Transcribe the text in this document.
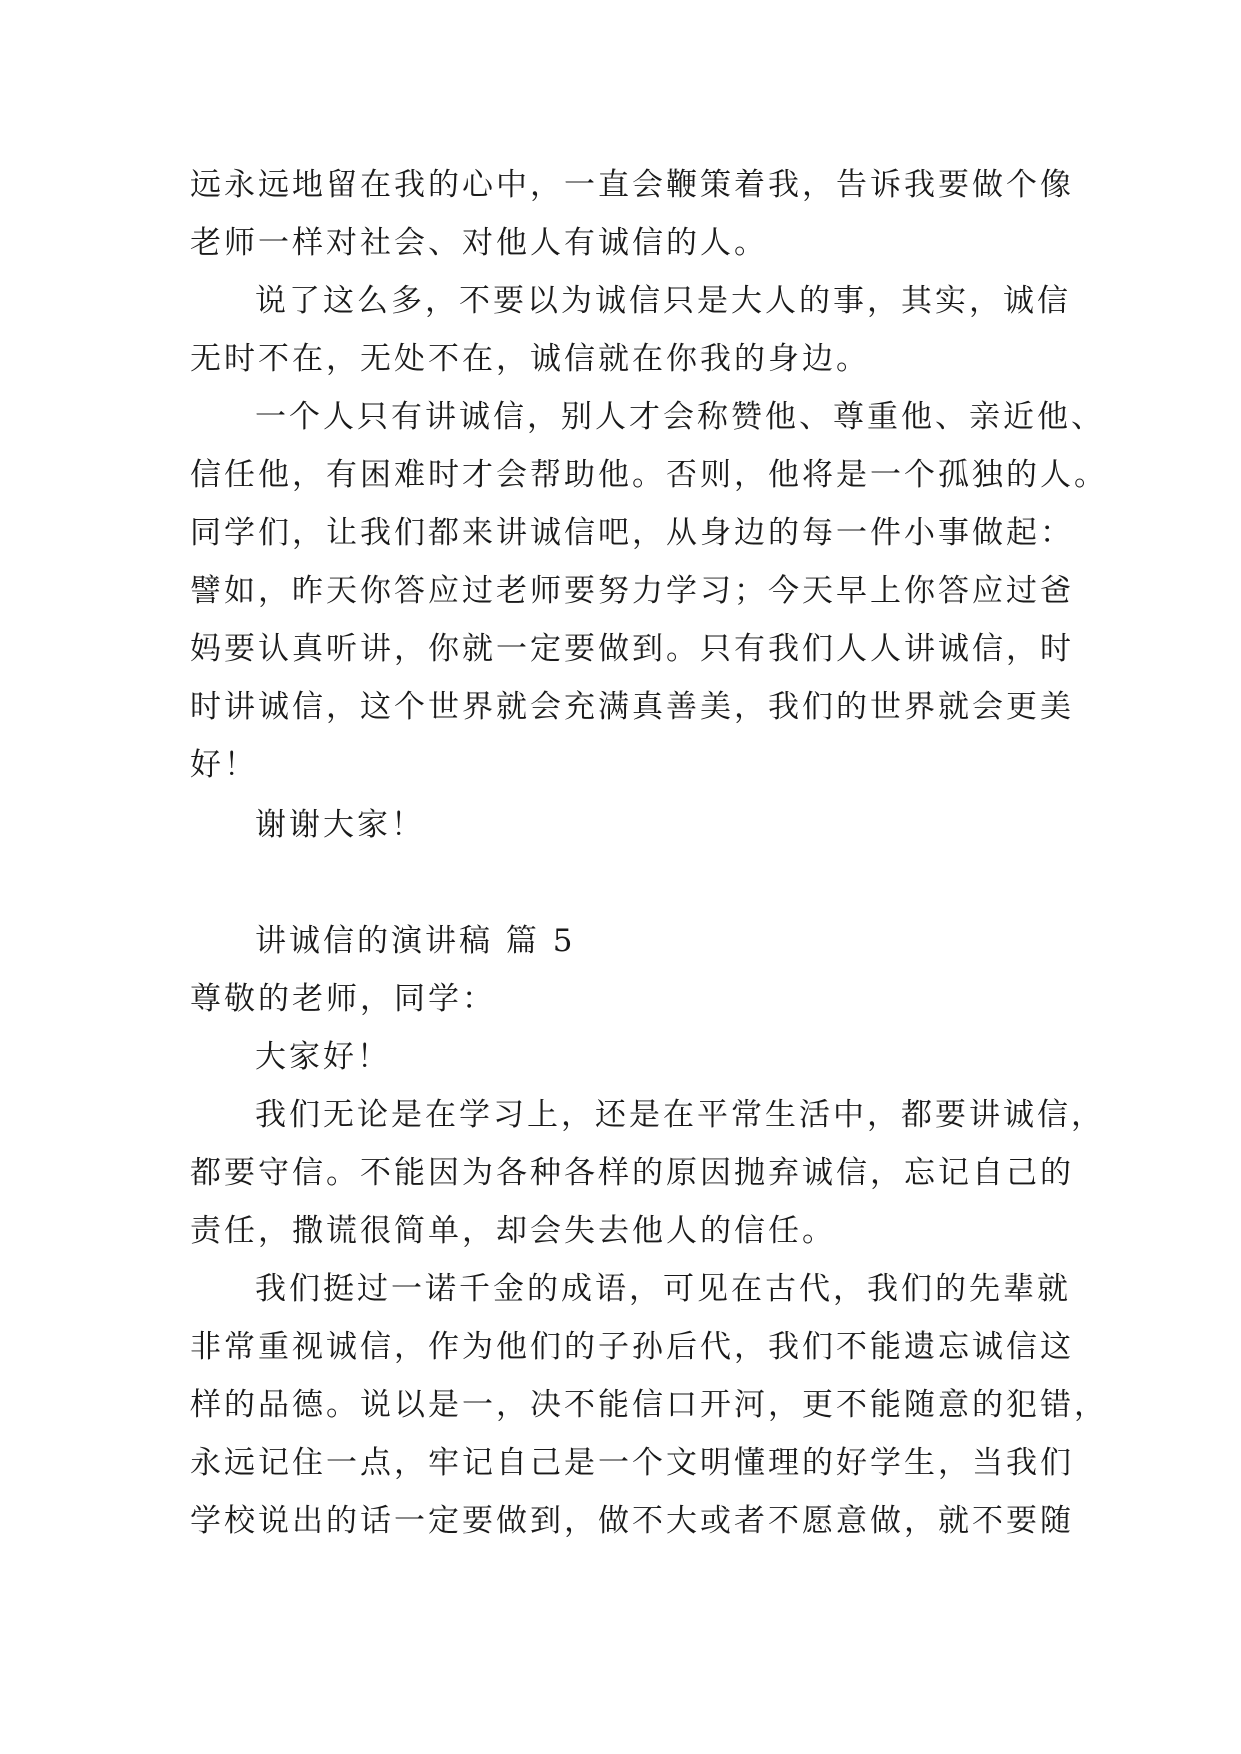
远永远地留在我的心中，一直会鞭策着我，告诉我要做个像
老师一样对社会、对他人有诚信的人。
说了这么多，不要以为诚信只是大人的事，其实，诚信
无时不在，无处不在，诚信就在你我的身边。
一个人只有讲诚信，别人才会称赞他、尊重他、亲近他、
信任他，有困难时才会帮助他。否则，他将是一个孤独的人。
同学们，让我们都来讲诚信吧，从身边的每一件小事做起：
譬如，昨天你答应过老师要努力学习；今天早上你答应过爸
妈要认真听讲，你就一定要做到。只有我们人人讲诚信，时
时讲诚信，这个世界就会充满真善美，我们的世界就会更美
好！
谢谢大家！
讲诚信的演讲稿 篇 5
尊敬的老师，同学：
大家好！
我们无论是在学习上，还是在平常生活中，都要讲诚信，
都要守信。不能因为各种各样的原因抛弃诚信，忘记自己的
责任，撒谎很简单，却会失去他人的信任。
我们挺过一诺千金的成语，可见在古代，我们的先辈就
非常重视诚信，作为他们的子孙后代，我们不能遗忘诚信这
样的品德。说以是一，决不能信口开河，更不能随意的犯错，
永远记住一点，牢记自己是一个文明懂理的好学生，当我们
学校说出的话一定要做到，做不大或者不愿意做，就不要随
